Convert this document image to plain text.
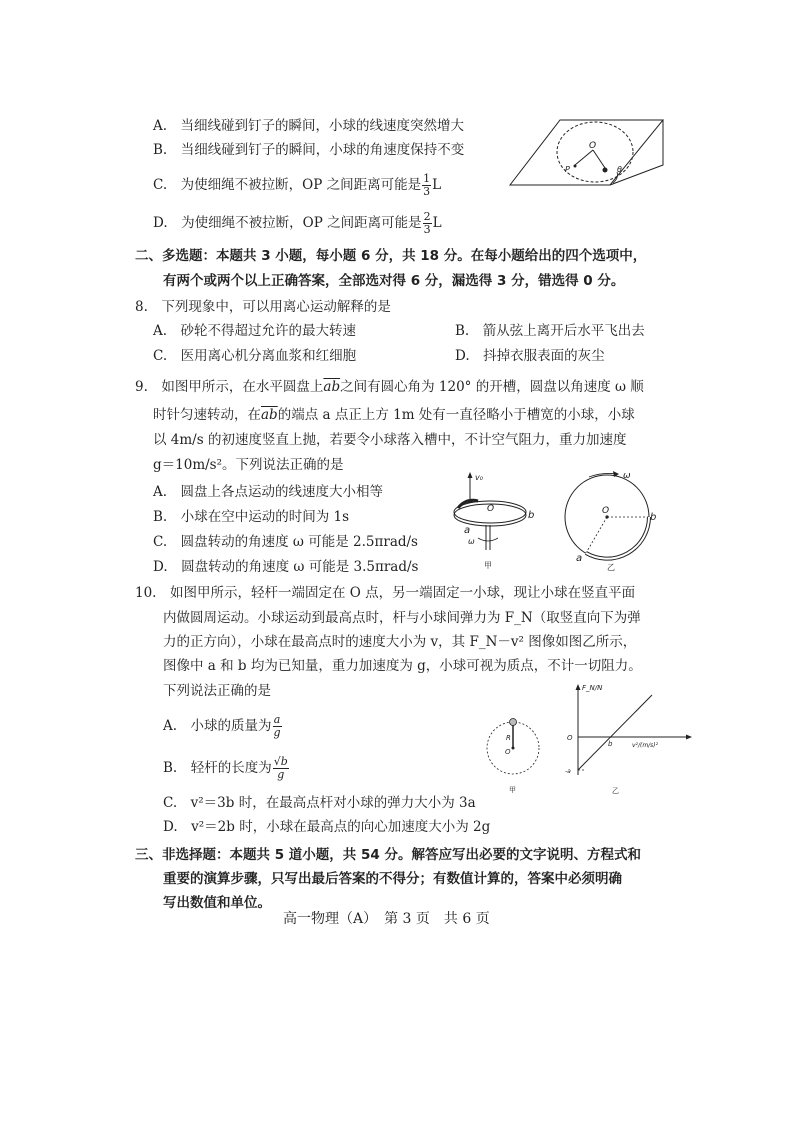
A.　当细线碰到钉子的瞬间，小球的线速度突然增大
B.　当细线碰到钉子的瞬间，小球的角速度保持不变
C.　为使细绳不被拉断，OP 之间距离可能是 $\frac{1}{3}$ L
D.　为使细绳不被拉断，OP 之间距离可能是 $\frac{2}{3}$ L
O
P	θ
二、多选题：本题共 3 小题，每小题 6 分，共 18 分。在每小题给出的四个选项中，
有两个或两个以上正确答案，全部选对得 6 分，漏选得 3 分，错选得 0 分。
8.　下列现象中，可以用离心运动解释的是
A.　砂轮不得超过允许的最大转速	B.　箭从弦上离开后水平飞出去
C.　医用离心机分离血浆和红细胞	D.　抖掉衣服表面的灰尘
9.　如图甲所示，在水平圆盘上$\overline{ab}$之间有圆心角为 120° 的开槽，圆盘以角速度 ω 顺
时针匀速转动，在$\overline{ab}$的端点 a 点正上方 1m 处有一直径略小于槽宽的小球，小球
以 4m/s 的初速度竖直上抛，若要令小球落入槽中，不计空气阻力，重力加速度
g＝10m/s²。下列说法正确的是
A.　圆盘上各点运动的线速度大小相等
B.　小球在空中运动的时间为 1s
C.　圆盘转动的角速度 ω 可能是 2.5πrad/s
D.　圆盘转动的角速度 ω 可能是 3.5πrad/s
v₀
O
b
a
ω
甲
ω
O
b
a
乙
10.　如图甲所示，轻杆一端固定在 O 点，另一端固定一小球，现让小球在竖直平面
内做圆周运动。小球运动到最高点时，杆与小球间弹力为 F_N（取竖直向下为弹
力的正方向），小球在最高点时的速度大小为 v，其 F_N－v² 图像如图乙所示，
图像中 a 和 b 均为已知量，重力加速度为 g，小球可视为质点，不计一切阻力。
下列说法正确的是
A.　小球的质量为 $\frac{a}{g}$
B.　轻杆的长度为 $\frac{√b}{g}$
C.　v²＝3b 时，在最高点杆对小球的弹力大小为 3a
D.　v²＝2b 时，小球在最高点的向心加速度大小为 2g
R
O
甲
F_N/N
O
b
-a
v²/(m/s)²
乙
三、非选择题：本题共 5 道小题，共 54 分。解答应写出必要的文字说明、方程式和
重要的演算步骤，只写出最后答案的不得分；有数值计算的，答案中必须明确
写出数值和单位。
高一物理（A）　第 3 页　共 6 页
